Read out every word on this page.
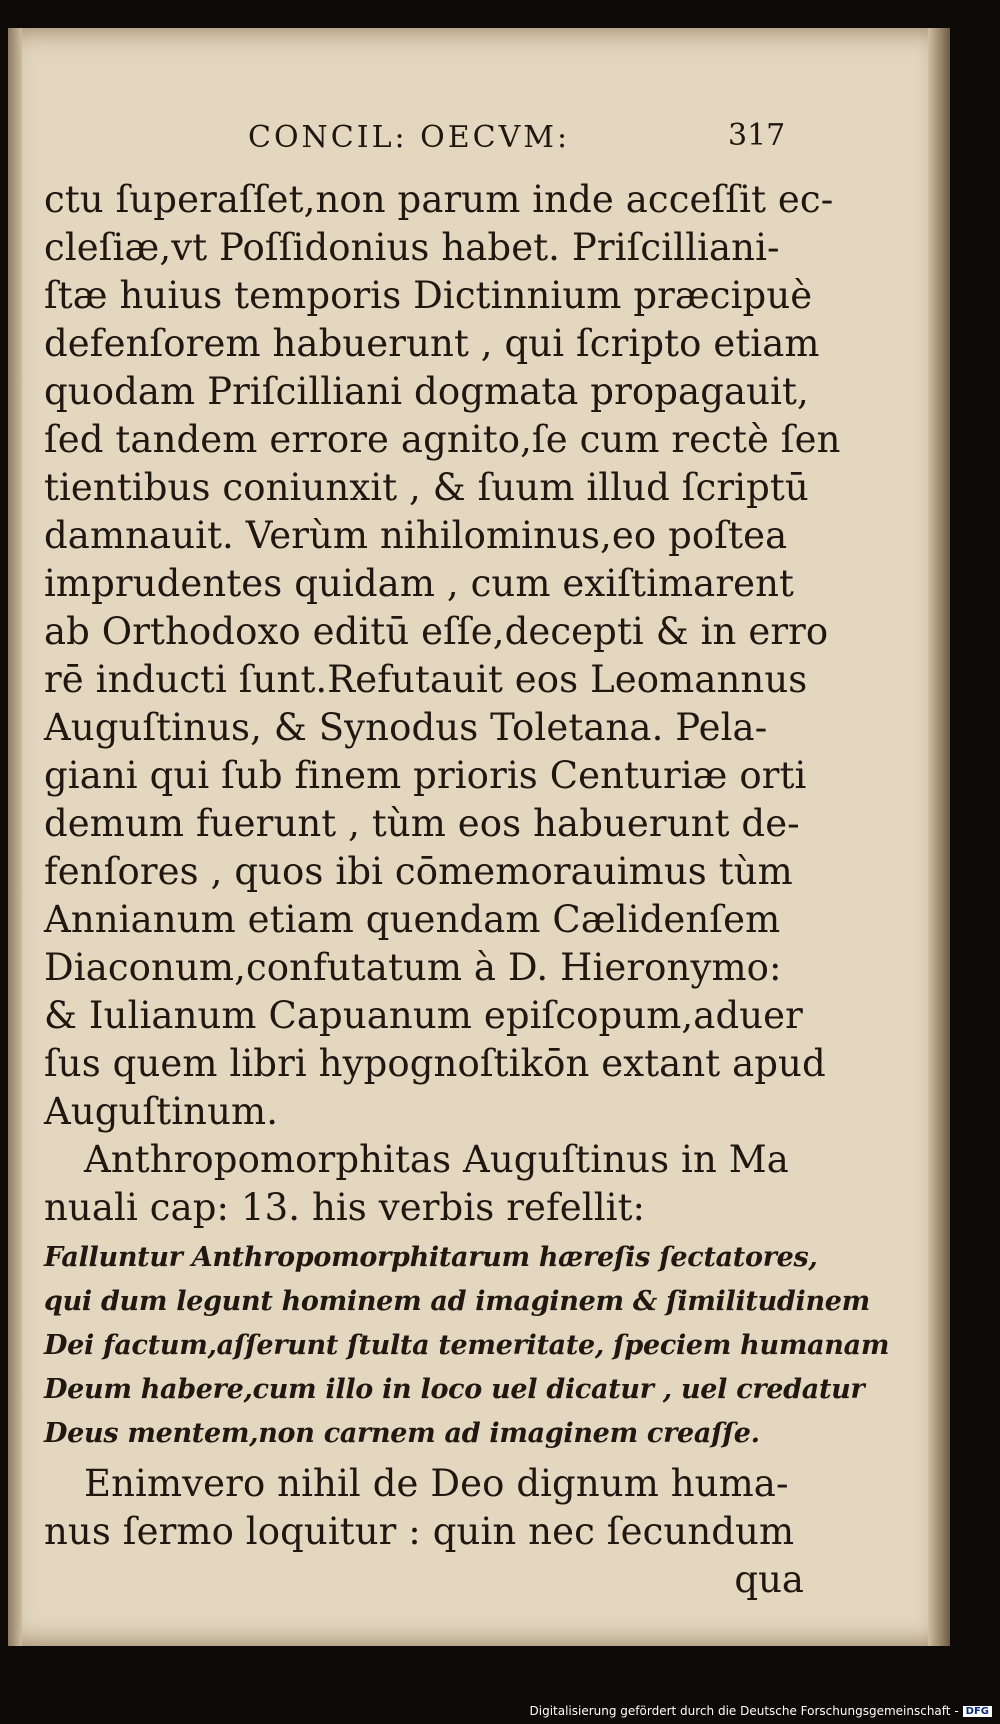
CONCIL: OECVM:	317
ctu ſuperaſſet,non parum inde acceſſit ec-
cleſiæ,vt Poſſidonius habet. Priſcilliani-
ſtæ huius temporis Dictinnium præcipuè
defenſorem habuerunt , qui ſcripto etiam
quodam Priſcilliani dogmata propagauit,
ſed tandem errore agnito,ſe cum rectè ſen
tientibus coniunxit , & ſuum illud ſcriptū
damnauit. Verùm nihilominus,eo poſtea
imprudentes quidam , cum exiſtimarent
ab Orthodoxo editū eſſe,decepti & in erro
rē inducti ſunt.Refutauit eos Leomannus
Auguſtinus, & Synodus Toletana. Pela-
giani qui ſub finem prioris Centuriæ orti
demum fuerunt , tùm eos habuerunt de-
fenſores , quos ibi cōmemorauimus tùm
Annianum etiam quendam Cælidenſem
Diaconum,confutatum à D. Hieronymo:
& Iulianum Capuanum epiſcopum,aduer
ſus quem libri hypognoſtikōn extant apud
Auguſtinum.
Anthropomorphitas Auguſtinus in Ma
nuali cap: 13. his verbis refellit:
Falluntur Anthropomorphitarum hæreſis ſectatores,
qui dum legunt hominem ad imaginem & ſimilitudinem
Dei factum,aſſerunt ſtulta temeritate, ſpeciem humanam
Deum habere,cum illo in loco uel dicatur , uel credatur
Deus mentem,non carnem ad imaginem creaſſe.
Enimvero nihil de Deo dignum huma-
nus ſermo loquitur : quin nec ſecundum
qua
Digitalisierung gefördert durch die Deutsche Forschungsgemeinschaft - DFG
